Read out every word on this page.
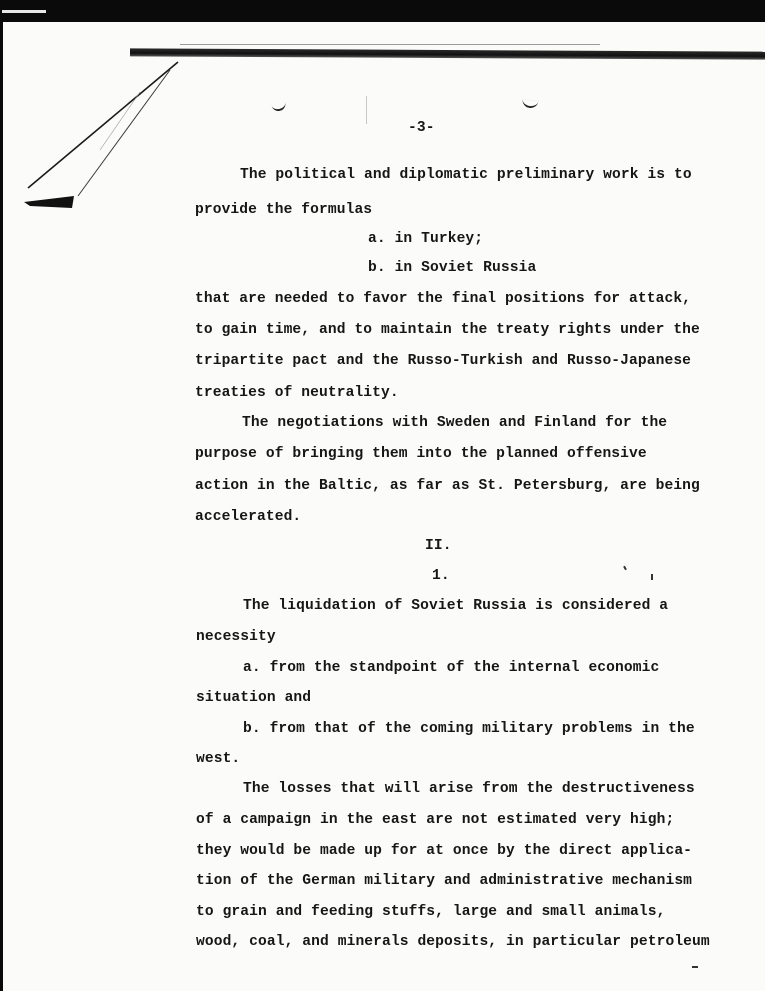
-3-
The political and diplomatic preliminary work is to
provide the formulas
a. in Turkey;
b. in Soviet Russia
that are needed to favor the final positions for attack,
to gain time, and to maintain the treaty rights under the
tripartite pact and the Russo-Turkish and Russo-Japanese
treaties of neutrality.
The negotiations with Sweden and Finland for the
purpose of bringing them into the planned offensive
action in the Baltic, as far as St. Petersburg, are being
accelerated.
II.
1.
The liquidation of Soviet Russia is considered a
necessity
a. from the standpoint of the internal economic
situation and
b. from that of the coming military problems in the
west.
The losses that will arise from the destructiveness
of a campaign in the east are not estimated very high;
they would be made up for at once by the direct applica-
tion of the German military and administrative mechanism
to grain and feeding stuffs, large and small animals,
wood, coal, and minerals deposits, in particular petroleum
